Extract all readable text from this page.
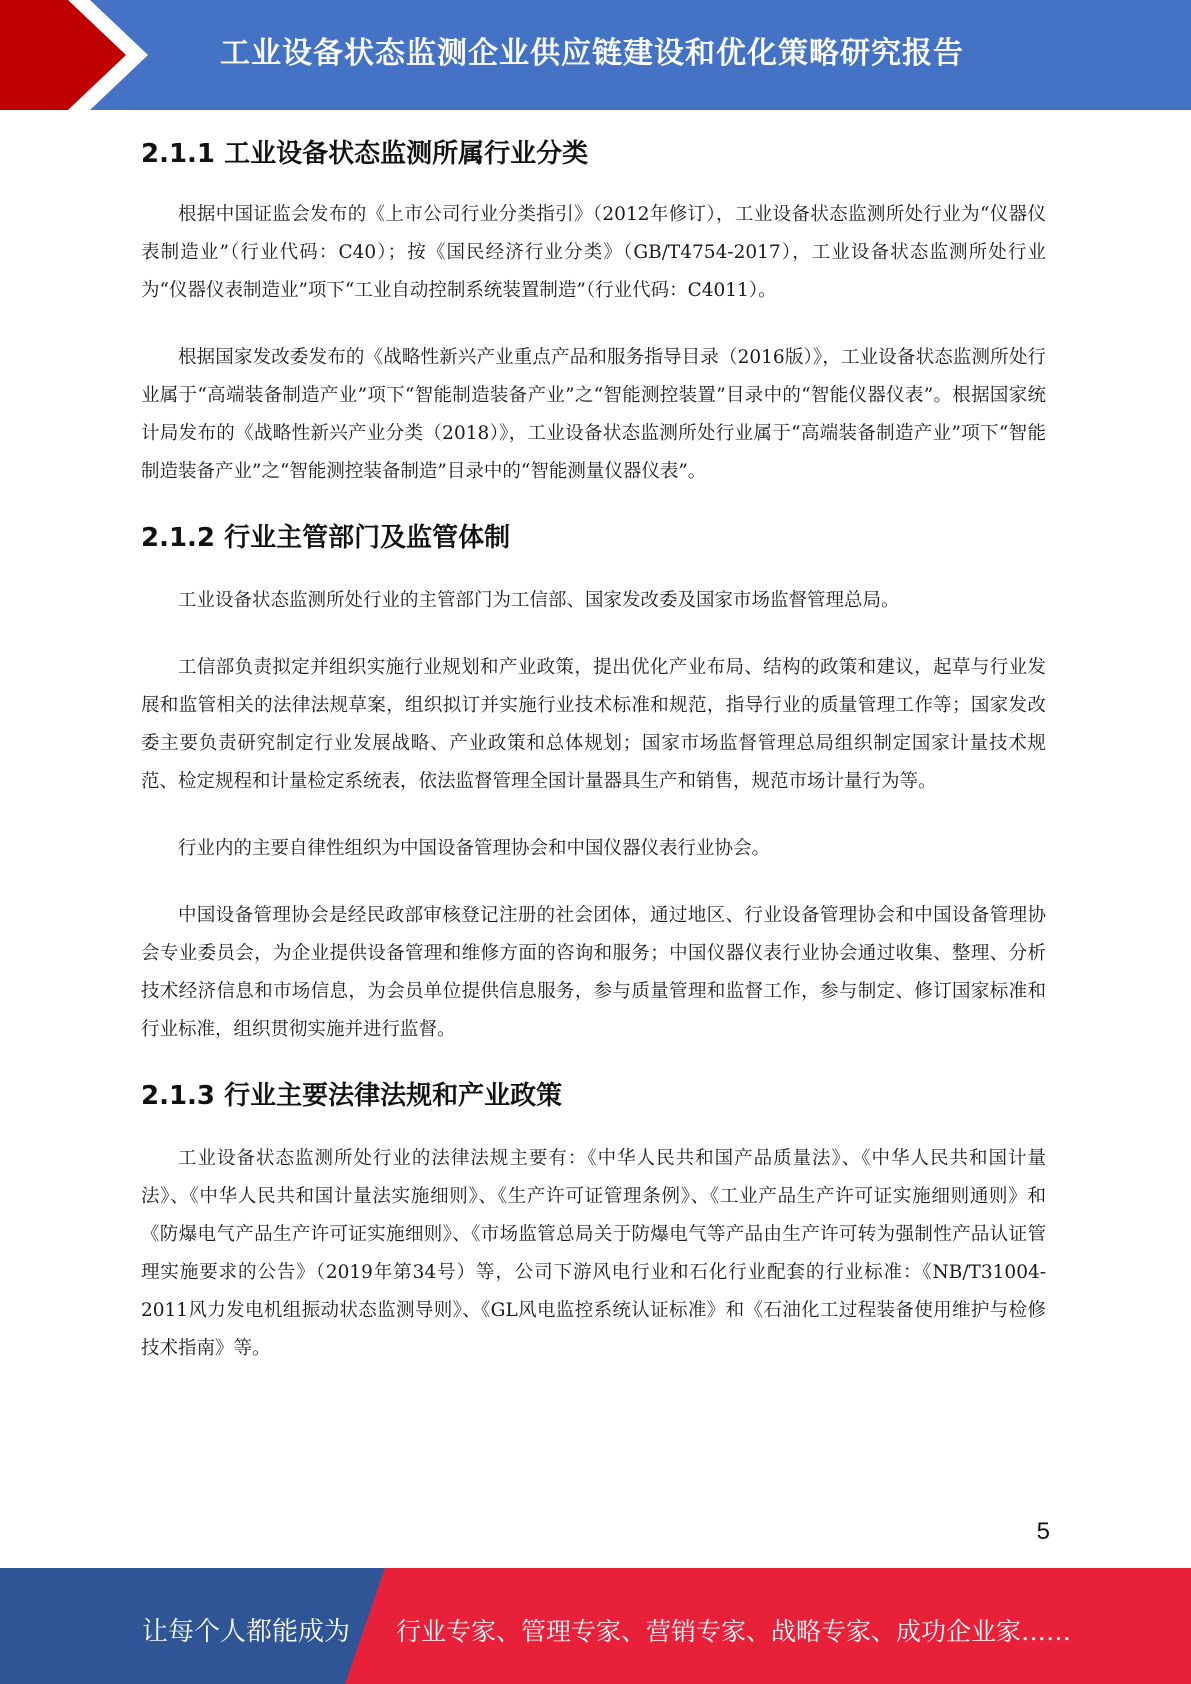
工业设备状态监测企业供应链建设和优化策略研究报告
2.1.1 工业设备状态监测所属行业分类

根据中国证监会发布的《上市公司行业分类指引》（2012年修订），工业设备状态监测所处行业为“仪器仪表制造业”（行业代码：C40）；按《国民经济行业分类》（GB/T4754-2017），工业设备状态监测所处行业为“仪器仪表制造业”项下“工业自动控制系统装置制造”（行业代码：C4011）。

根据国家发改委发布的《战略性新兴产业重点产品和服务指导目录（2016版）》，工业设备状态监测所处行业属于“高端装备制造产业”项下“智能制造装备产业”之“智能测控装置”目录中的“智能仪器仪表”。根据国家统计局发布的《战略性新兴产业分类（2018）》，工业设备状态监测所处行业属于“高端装备制造产业”项下“智能制造装备产业”之“智能测控装备制造”目录中的“智能测量仪器仪表”。

2.1.2 行业主管部门及监管体制

工业设备状态监测所处行业的主管部门为工信部、国家发改委及国家市场监督管理总局。

工信部负责拟定并组织实施行业规划和产业政策，提出优化产业布局、结构的政策和建议，起草与行业发展和监管相关的法律法规草案，组织拟订并实施行业技术标准和规范，指导行业的质量管理工作等；国家发改委主要负责研究制定行业发展战略、产业政策和总体规划；国家市场监督管理总局组织制定国家计量技术规范、检定规程和计量检定系统表，依法监督管理全国计量器具生产和销售，规范市场计量行为等。

行业内的主要自律性组织为中国设备管理协会和中国仪器仪表行业协会。

中国设备管理协会是经民政部审核登记注册的社会团体，通过地区、行业设备管理协会和中国设备管理协会专业委员会，为企业提供设备管理和维修方面的咨询和服务；中国仪器仪表行业协会通过收集、整理、分析技术经济信息和市场信息，为会员单位提供信息服务，参与质量管理和监督工作，参与制定、修订国家标准和行业标准，组织贯彻实施并进行监督。

2.1.3 行业主要法律法规和产业政策

工业设备状态监测所处行业的法律法规主要有：《中华人民共和国产品质量法》、《中华人民共和国计量法》、《中华人民共和国计量法实施细则》、《生产许可证管理条例》、《工业产品生产许可证实施细则通则》和《防爆电气产品生产许可证实施细则》、《市场监管总局关于防爆电气等产品由生产许可转为强制性产品认证管理实施要求的公告》（2019年第34号）等，公司下游风电行业和石化行业配套的行业标准：《NB/T31004-2011风力发电机组振动状态监测导则》、《GL风电监控系统认证标准》和《石油化工过程装备使用维护与检修技术指南》等。

5
让每个人都能成为 行业专家、管理专家、营销专家、战略专家、成功企业家……
